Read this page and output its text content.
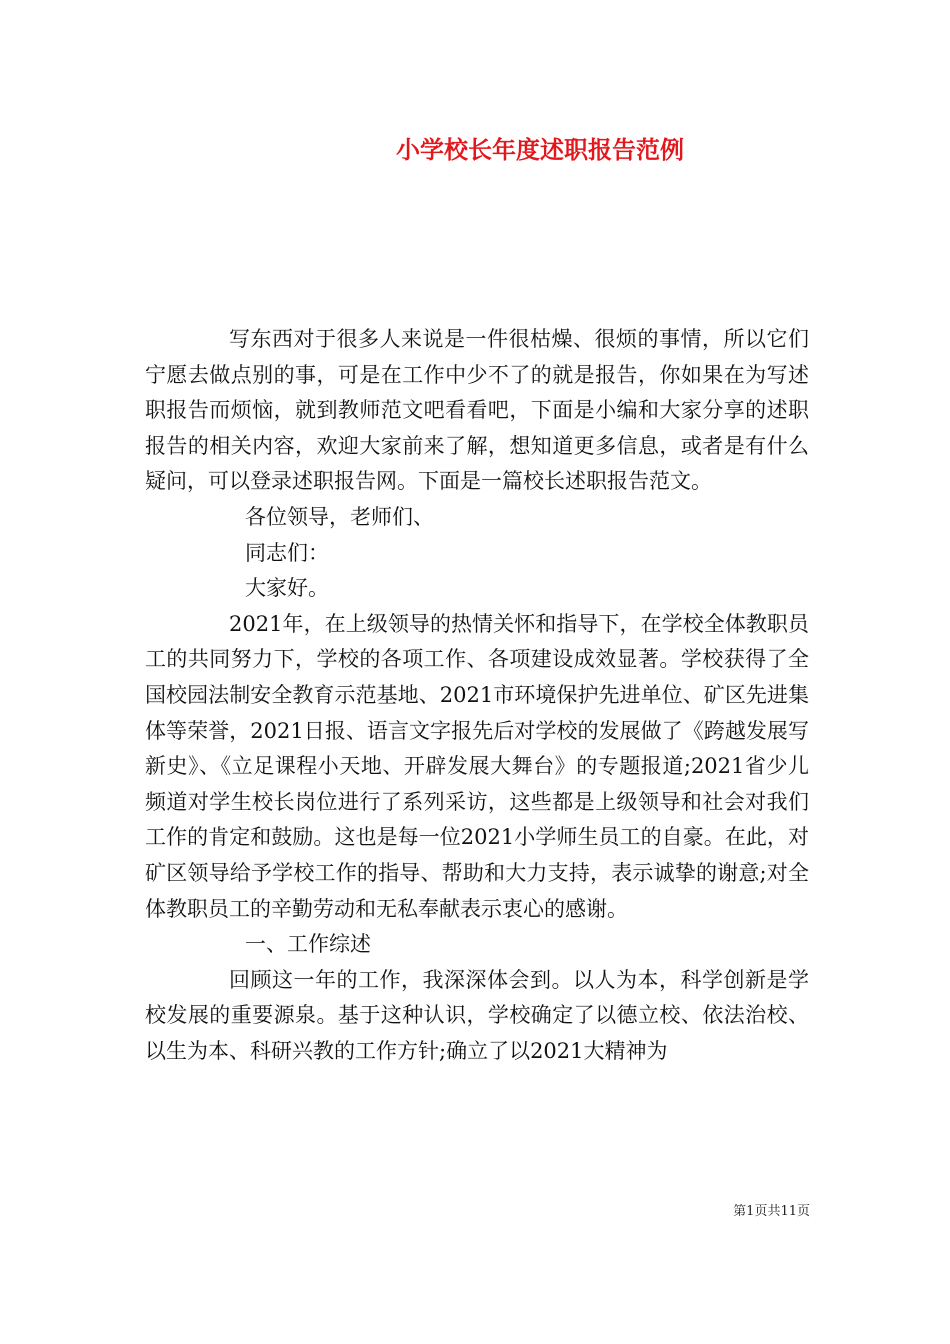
小学校长年度述职报告范例

写东西对于很多人来说是一件很枯燥、很烦的事情，所以它们宁愿去做点别的事，可是在工作中少不了的就是报告，你如果在为写述职报告而烦恼，就到教师范文吧看看吧，下面是小编和大家分享的述职报告的相关内容，欢迎大家前来了解，想知道更多信息，或者是有什么疑问，可以登录述职报告网。下面是一篇校长述职报告范文。

各位领导，老师们、

同志们：

大家好。

2021年，在上级领导的热情关怀和指导下，在学校全体教职员工的共同努力下，学校的各项工作、各项建设成效显著。学校获得了全国校园法制安全教育示范基地、2021市环境保护先进单位、矿区先进集体等荣誉，2021日报、语言文字报先后对学校的发展做了《跨越发展写新史》、《立足课程小天地、开辟发展大舞台》的专题报道;2021省少儿频道对学生校长岗位进行了系列采访，这些都是上级领导和社会对我们工作的肯定和鼓励。这也是每一位2021小学师生员工的自豪。在此，对矿区领导给予学校工作的指导、帮助和大力支持，表示诚挚的谢意;对全体教职员工的辛勤劳动和无私奉献表示衷心的感谢。

一、工作综述

回顾这一年的工作，我深深体会到。以人为本，科学创新是学校发展的重要源泉。基于这种认识，学校确定了以德立校、依法治校、以生为本、科研兴教的工作方针;确立了以2021大精神为

第1页共11页
